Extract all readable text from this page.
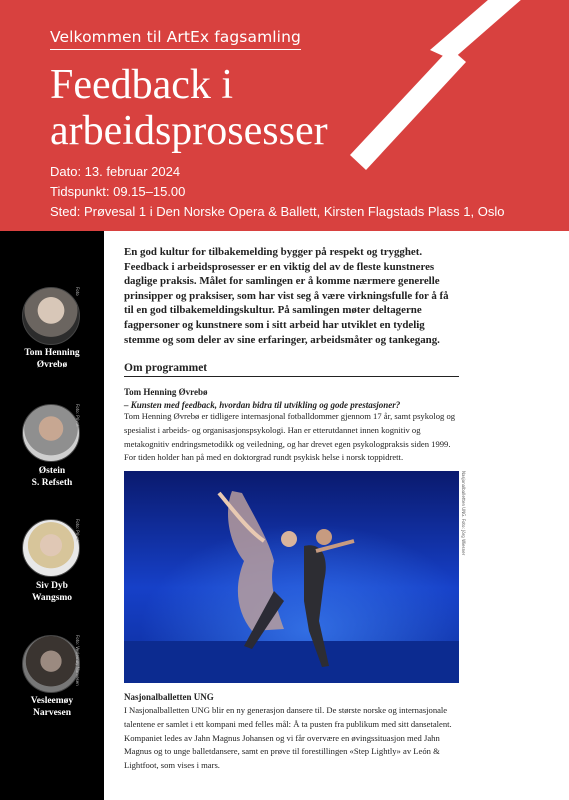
Velkommen til ArtEx fagsamling
Feedback i
arbeidsprosesser
Dato: 13. februar 2024
Tidspunkt: 09.15–15.00
Sted: Prøvesal 1 i Den Norske Opera & Ballett, Kirsten Flagstads Plass 1, Oslo
Foto
Tom Henning
Øvrebø
Foto: Privat
Østein
S. Refseth
Foto: Privat
Siv Dyb
Wangsmo
Foto: Veslemøy Narvesen
Vesleemøy
Narvesen

En god kultur for tilbakemelding bygger på respekt og trygghet. Feedback i arbeidsprosesser er en viktig del av de fleste kunstneres daglige praksis. Målet for samlingen er å komme nærmere generelle prinsipper og praksiser, som har vist seg å være virkningsfulle for å få til en god tilbakemeldingskultur. På samlingen møter deltagerne fagpersoner og kunstnere som i sitt arbeid har utviklet en tydelig stemme og som deler av sine erfaringer, arbeidsmåter og tankegang.

Om programmet
Tom Henning Øvrebø
– Kunsten med feedback, hvordan bidra til utvikling og gode prestasjoner?

Tom Henning Øvrebø er tidligere internasjonal fotballdommer gjennom 17 år, samt psykolog og spesialist i arbeids- og organisasjonspsykologi. Han er etterutdannet innen kognitiv og metakognitiv endringsmetodikk og veiledning, og har drevet egen psykologpraksis siden 1999. For tiden holder han på med en doktorgrad rundt psykisk helse i norsk toppidrett.

Nasjonalballetten UNG. Foto: Jörg Wiesner
Nasjonalballetten UNG

I Nasjonalballetten UNG blir en ny generasjon dansere til. De største norske og internasjonale talentene er samlet i ett kompani med felles mål: Å ta pusten fra publikum med sitt dansetalent. Kompaniet ledes av Jahn Magnus Johansen og vi får overvære en øvingssituasjon med Jahn Magnus og to unge balletdansere, samt en prøve til forestillingen «Step Lightly» av León & Lightfoot, som vises i mars.
